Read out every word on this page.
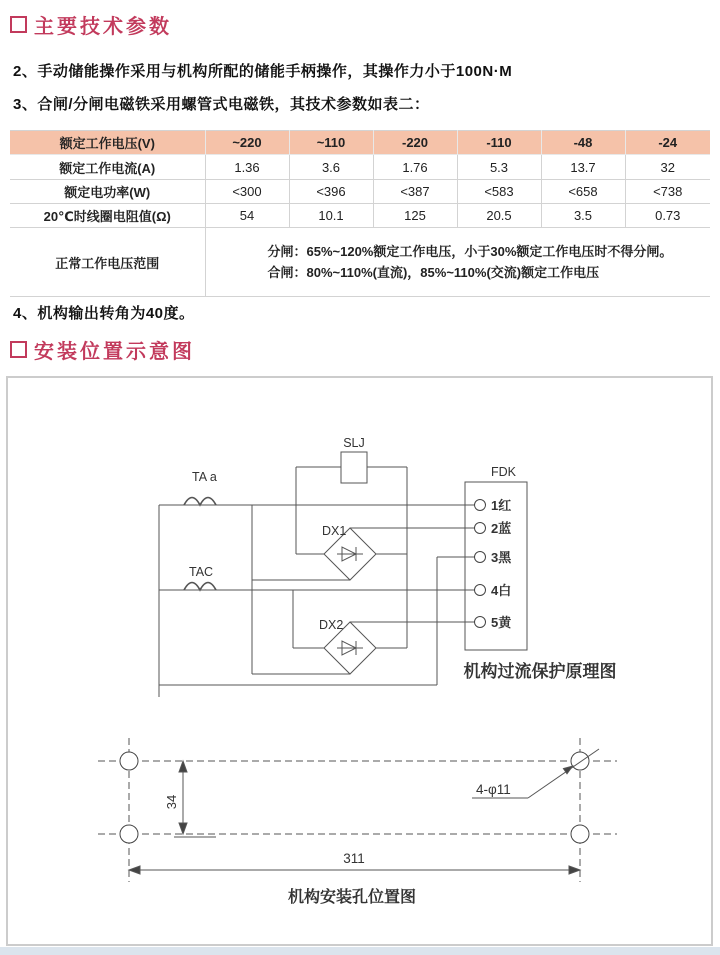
主要技术参数
2、手动储能操作采用与机构所配的储能手柄操作，其操作力小于100N·M
3、合闸/分闸电磁铁采用螺管式电磁铁，其技术参数如表二：
额定工作电压(V)	~220	~110	-220	-110	-48	-24
额定工作电流(A)	1.36	3.6	1.76	5.3	13.7	32
额定电功率(W)	<300	<396	<387	<583	<658	<738
20℃时线圈电阻值(Ω)	54	10.1	125	20.5	3.5	0.73
正常工作电压范围	分闸：65%~120%额定工作电压，小于30%额定工作电压时不得分闸。
合闸：80%~110%(直流)，85%~110%(交流)额定工作电压					
4、机构输出转角为40度。
安装位置示意图
SLJ
TA a
TAC
DX1
DX2
FDK
1红
2蓝
3黑
4白
5黄
机构过流保护原理图
34
311
4-φ11
机构安装孔位置图
